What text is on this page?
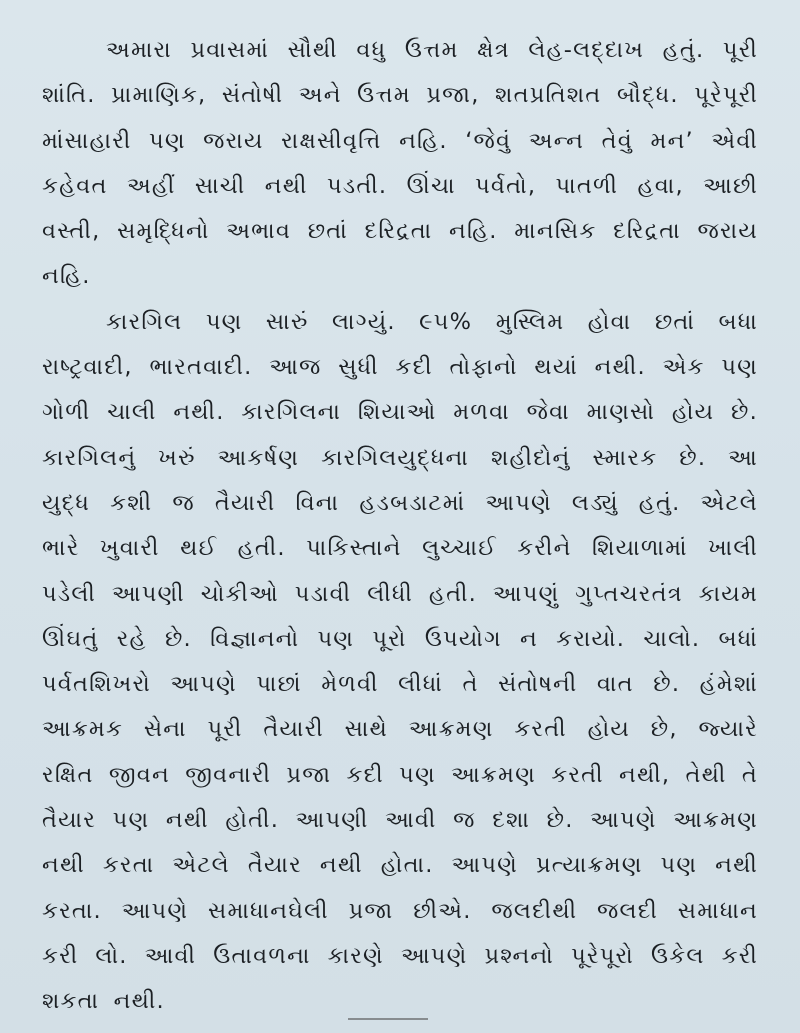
અમારા પ્રવાસમાં સૌથી વધુ ઉત્તમ ક્ષેત્ર લેહ-લદ્દાખ હતું. પૂરી શાંતિ. પ્રામાણિક, સંતોષી અને ઉત્તમ પ્રજા, શતપ્રતિશત બૌદ્ધ. પૂરેપૂરી માંસાહારી પણ જરાય રાક્ષસીવૃત્તિ નહિ. ‘જેવું અન્ન તેવું મન’ એવી કહેવત અહીં સાચી નથી પડતી. ઊંચા પર્વતો, પાતળી હવા, આછી વસ્તી, સમૃદ્ધિનો અભાવ છતાં દરિદ્રતા નહિ. માનસિક દરિદ્રતા જરાય નહિ.

કારગિલ પણ સારું લાગ્યું. ૯૫% મુસ્લિમ હોવા છતાં બધા રાષ્ટ્રવાદી, ભારતવાદી. આજ સુધી કદી તોફાનો થયાં નથી. એક પણ ગોળી ચાલી નથી. કારગિલના શિયાઓ મળવા જેવા માણસો હોય છે. કારગિલનું ખરું આકર્ષણ કારગિલયુદ્ધના શહીદોનું સ્મારક છે. આ યુદ્ધ કશી જ તૈયારી વિના હડબડાટમાં આપણે લડ્યું હતું. એટલે ભારે ખુવારી થઈ હતી. પાકિસ્તાને લુચ્ચાઈ કરીને શિયાળામાં ખાલી પડેલી આપણી ચોકીઓ પડાવી લીધી હતી. આપણું ગુપ્તચરતંત્ર કાયમ ઊંઘતું રહે છે. વિજ્ઞાનનો પણ પૂરો ઉપયોગ ન કરાયો. ચાલો. બધાં પર્વતશિખરો આપણે પાછાં મેળવી લીધાં તે સંતોષની વાત છે. હંમેશાં આક્રમક સેના પૂરી તૈયારી સાથે આક્રમણ કરતી હોય છે, જ્યારે રક્ષિત જીવન જીવનારી પ્રજા કદી પણ આક્રમણ કરતી નથી, તેથી તે તૈયાર પણ નથી હોતી. આપણી આવી જ દશા છે. આપણે આક્રમણ નથી કરતા એટલે તૈયાર નથી હોતા. આપણે પ્રત્યાક્રમણ પણ નથી કરતા. આપણે સમાધાનઘેલી પ્રજા છીએ. જલદીથી જલદી સમાધાન કરી લો. આવી ઉતાવળના કારણે આપણે પ્રશ્નનો પૂરેપૂરો ઉકેલ કરી શકતા નથી.
